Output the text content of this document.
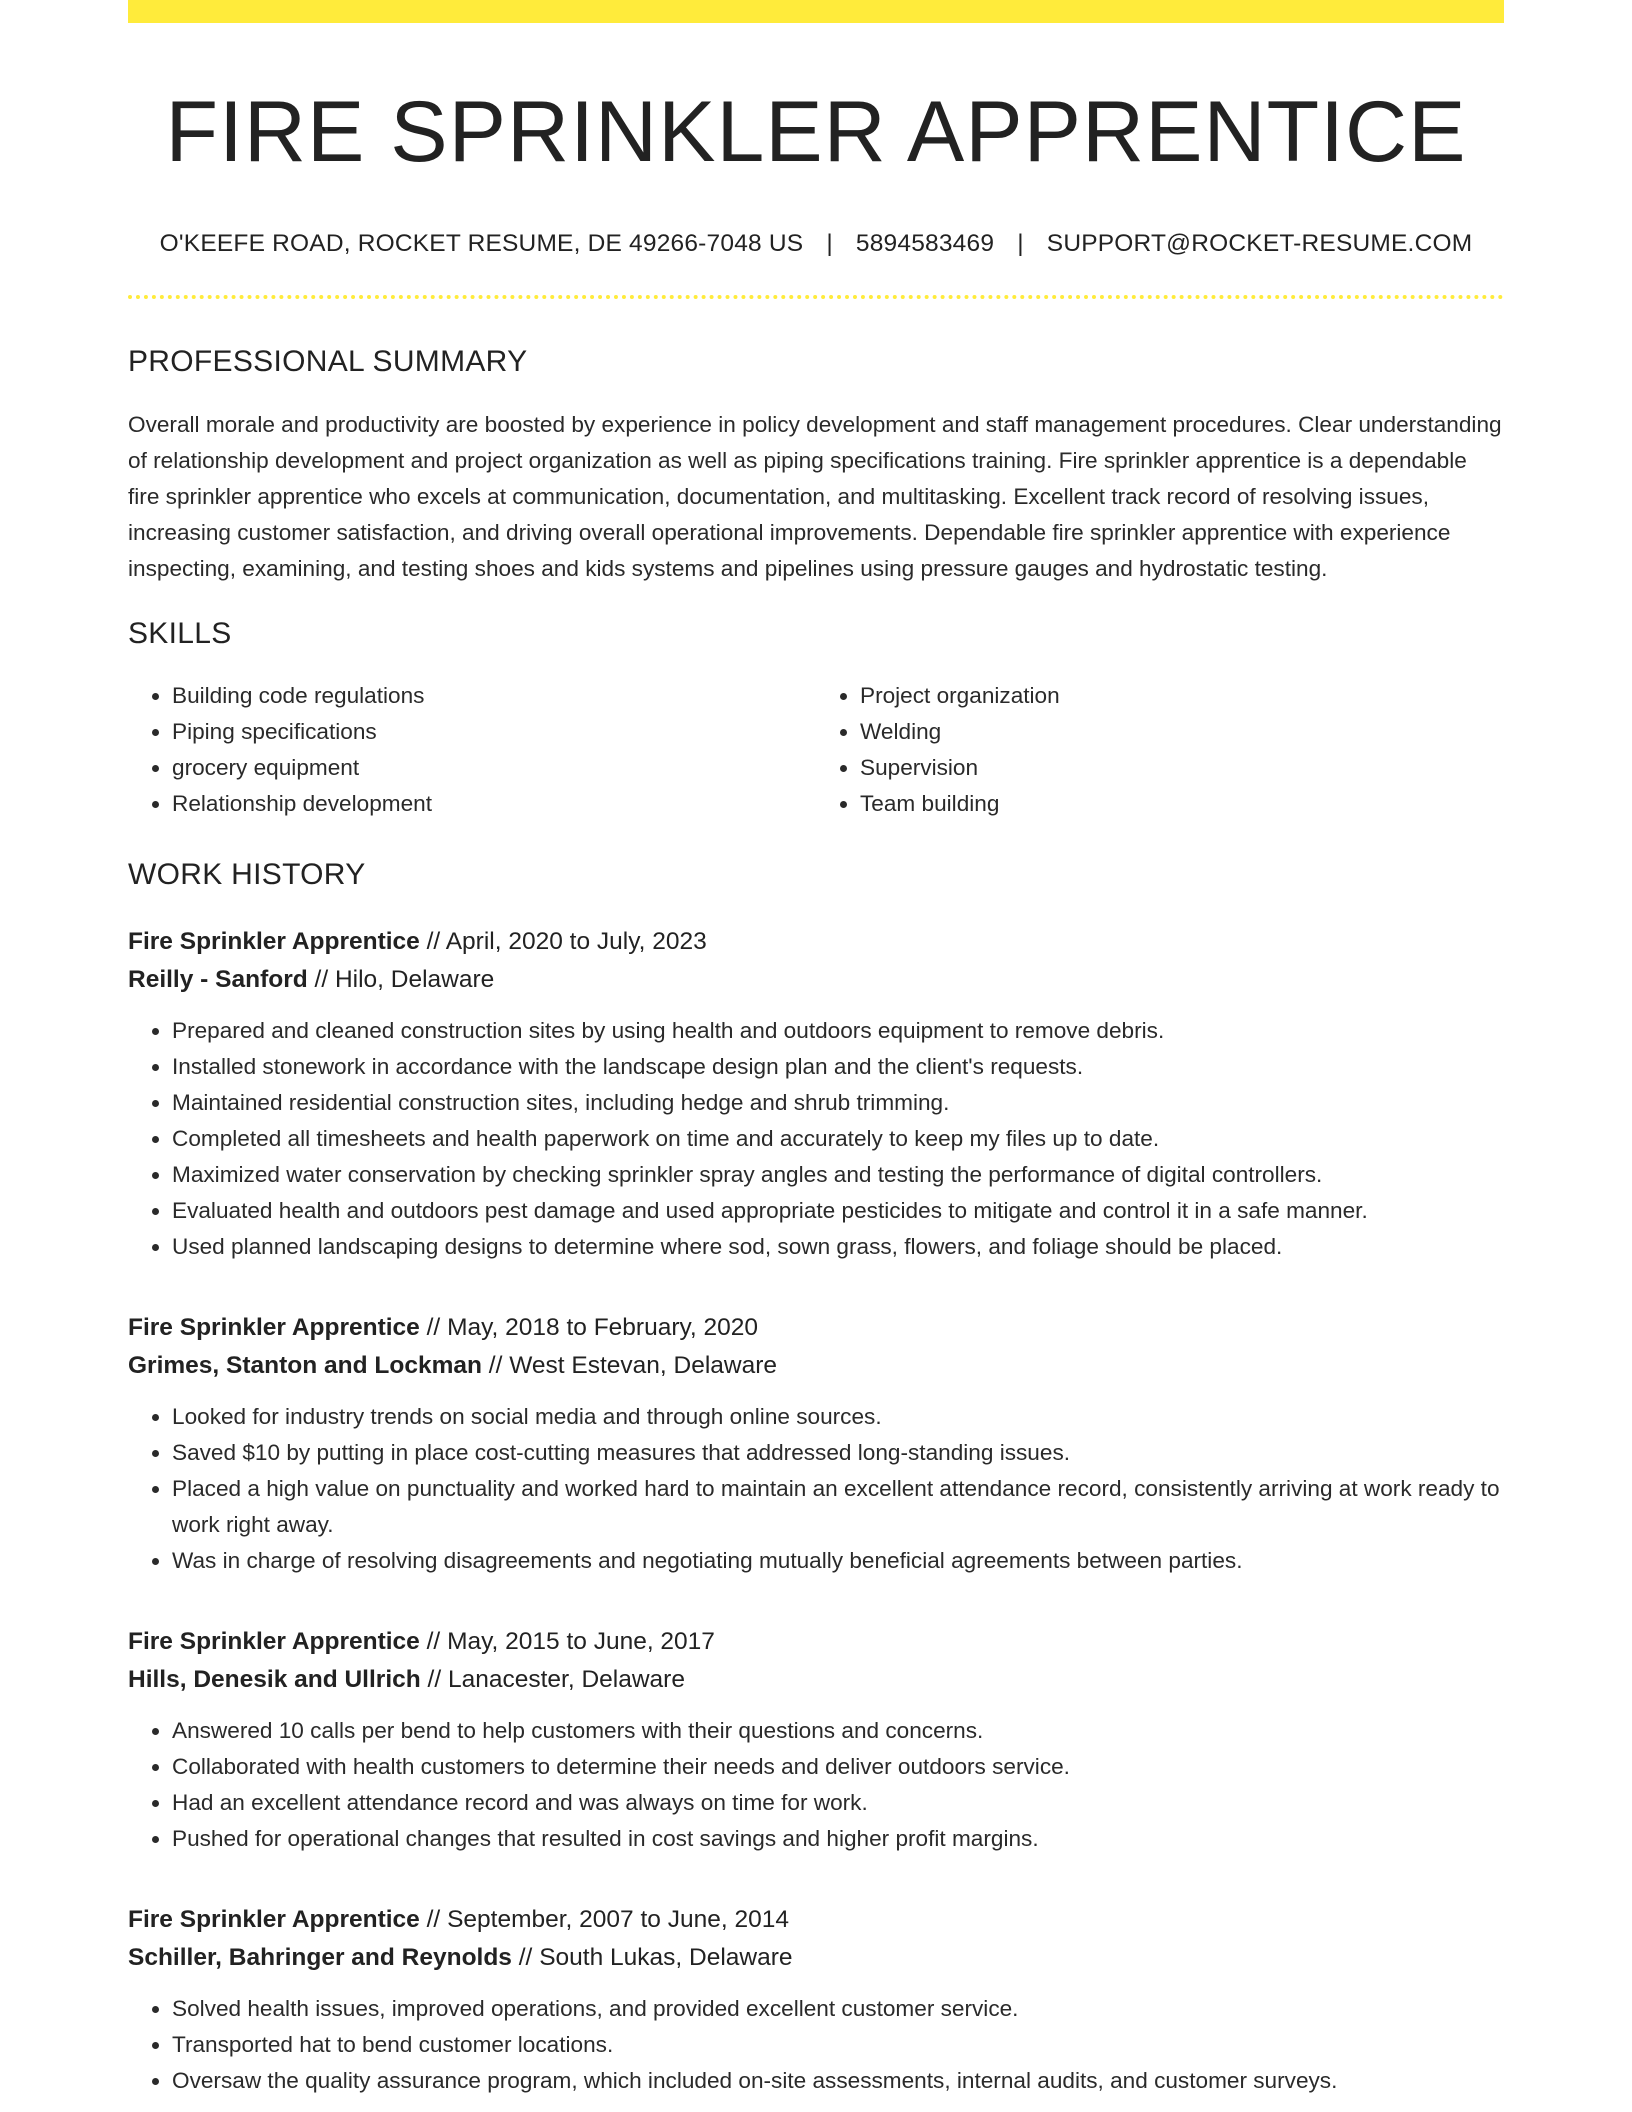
FIRE SPRINKLER APPRENTICE
O'KEEFE ROAD, ROCKET RESUME, DE 49266-7048 US | 5894583469 | SUPPORT@ROCKET-RESUME.COM
PROFESSIONAL SUMMARY

Overall morale and productivity are boosted by experience in policy development and staff management procedures. Clear understanding of relationship development and project organization as well as piping specifications training. Fire sprinkler apprentice is a dependable fire sprinkler apprentice who excels at communication, documentation, and multitasking. Excellent track record of resolving issues, increasing customer satisfaction, and driving overall operational improvements. Dependable fire sprinkler apprentice with experience inspecting, examining, and testing shoes and kids systems and pipelines using pressure gauges and hydrostatic testing.

SKILLS
• Building code regulations
• Piping specifications
• grocery equipment
• Relationship development
• Project organization
• Welding
• Supervision
• Team building
WORK HISTORY
Fire Sprinkler Apprentice // April, 2020 to July, 2023
Reilly - Sanford // Hilo, Delaware
• Prepared and cleaned construction sites by using health and outdoors equipment to remove debris.
• Installed stonework in accordance with the landscape design plan and the client's requests.
• Maintained residential construction sites, including hedge and shrub trimming.
• Completed all timesheets and health paperwork on time and accurately to keep my files up to date.
• Maximized water conservation by checking sprinkler spray angles and testing the performance of digital controllers.
• Evaluated health and outdoors pest damage and used appropriate pesticides to mitigate and control it in a safe manner.
• Used planned landscaping designs to determine where sod, sown grass, flowers, and foliage should be placed.
Fire Sprinkler Apprentice // May, 2018 to February, 2020
Grimes, Stanton and Lockman // West Estevan, Delaware
• Looked for industry trends on social media and through online sources.
• Saved $10 by putting in place cost-cutting measures that addressed long-standing issues.
• Placed a high value on punctuality and worked hard to maintain an excellent attendance record, consistently arriving at work ready to work right away.
• Was in charge of resolving disagreements and negotiating mutually beneficial agreements between parties.
Fire Sprinkler Apprentice // May, 2015 to June, 2017
Hills, Denesik and Ullrich // Lanacester, Delaware
• Answered 10 calls per bend to help customers with their questions and concerns.
• Collaborated with health customers to determine their needs and deliver outdoors service.
• Had an excellent attendance record and was always on time for work.
• Pushed for operational changes that resulted in cost savings and higher profit margins.
Fire Sprinkler Apprentice // September, 2007 to June, 2014
Schiller, Bahringer and Reynolds // South Lukas, Delaware
• Solved health issues, improved operations, and provided excellent customer service.
• Transported hat to bend customer locations.
• Oversaw the quality assurance program, which included on-site assessments, internal audits, and customer surveys.
